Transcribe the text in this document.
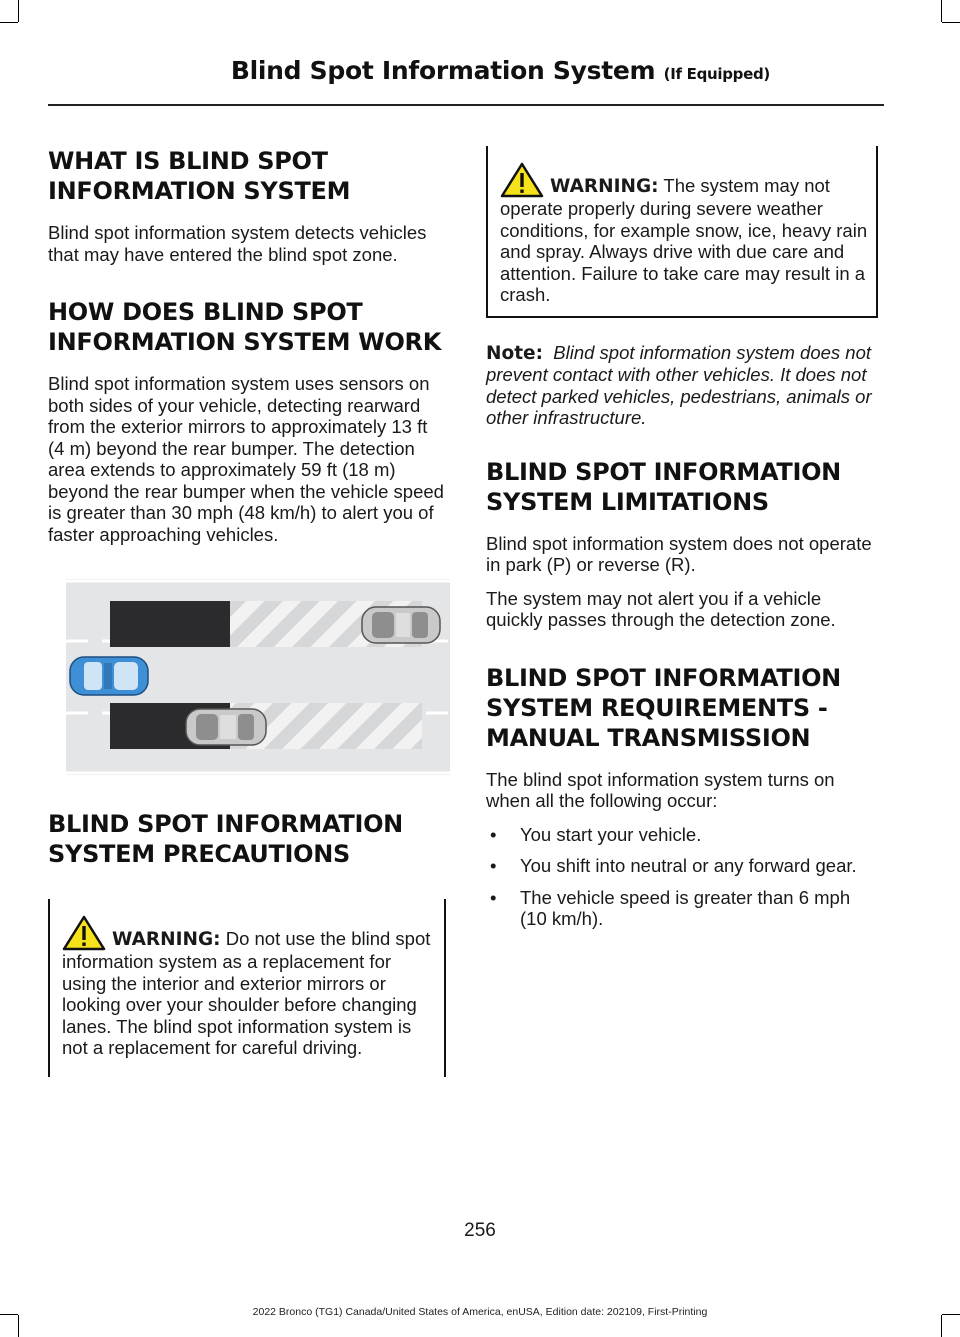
Blind Spot Information System (If Equipped)
WHAT IS BLIND SPOT INFORMATION SYSTEM

Blind spot information system detects vehicles that may have entered the blind spot zone.

HOW DOES BLIND SPOT INFORMATION SYSTEM WORK

Blind spot information system uses sensors on both sides of your vehicle, detecting rearward from the exterior mirrors to approximately 13 ft (4 m) beyond the rear bumper. The detection area extends to approximately 59 ft (18 m) beyond the rear bumper when the vehicle speed is greater than 30 mph (48 km/h) to alert you of faster approaching vehicles.

BLIND SPOT INFORMATION SYSTEM PRECAUTIONS
WARNING: Do not use the blind spot information system as a replacement for using the interior and exterior mirrors or looking over your shoulder before changing lanes. The blind spot information system is not a replacement for careful driving.
WARNING: The system may not operate properly during severe weather conditions, for example snow, ice, heavy rain and spray. Always drive with due care and attention. Failure to take care may result in a crash.
Note: Blind spot information system does not prevent contact with other vehicles. It does not detect parked vehicles, pedestrians, animals or other infrastructure.
BLIND SPOT INFORMATION SYSTEM LIMITATIONS

Blind spot information system does not operate in park (P) or reverse (R).

The system may not alert you if a vehicle quickly passes through the detection zone.

BLIND SPOT INFORMATION SYSTEM REQUIREMENTS - MANUAL TRANSMISSION

The blind spot information system turns on when all the following occur:

• You start your vehicle.
• You shift into neutral or any forward gear.
• The vehicle speed is greater than 6 mph (10 km/h).
256
2022 Bronco (TG1) Canada/United States of America, enUSA, Edition date: 202109, First-Printing
